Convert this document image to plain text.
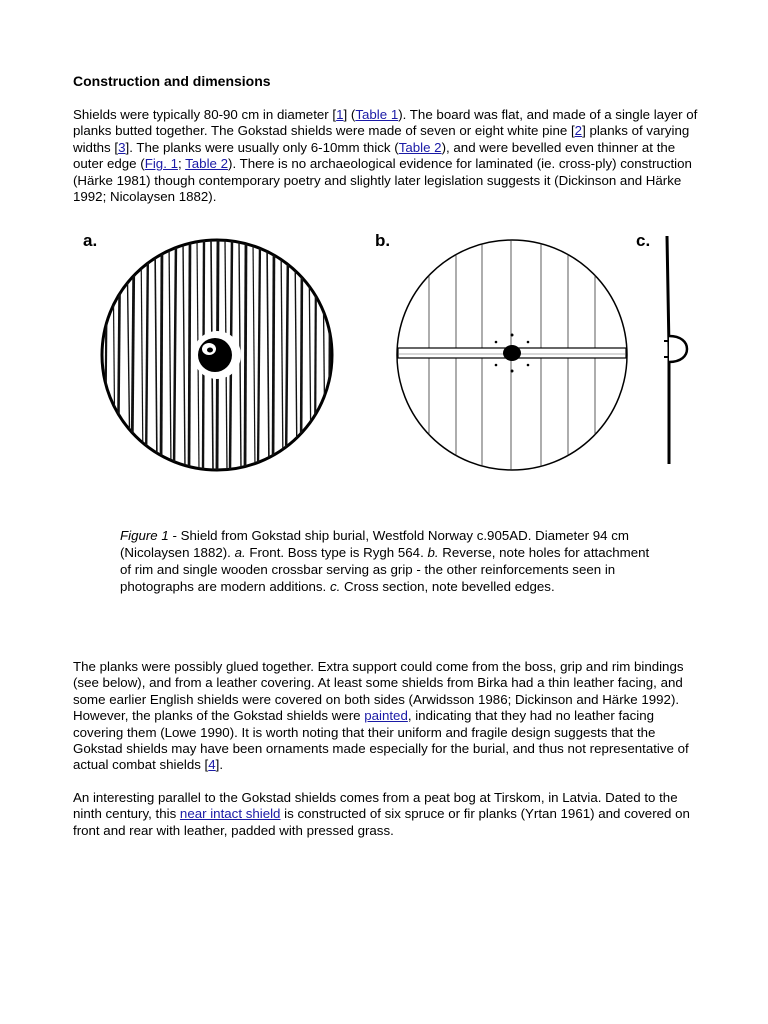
Construction and dimensions

Shields were typically 80-90 cm in diameter [1] (Table 1). The board was flat, and made of a single layer of planks butted together. The Gokstad shields were made of seven or eight white pine [2] planks of varying widths [3]. The planks were usually only 6-10mm thick (Table 2), and were bevelled even thinner at the outer edge (Fig. 1; Table 2). There is no archaeological evidence for laminated (ie. cross-ply) construction (Härke 1981) though contemporary poetry and slightly later legislation suggests it (Dickinson and Härke 1992; Nicolaysen 1882).

The planks were possibly glued together. Extra support could come from the boss, grip and rim bindings (see below), and from a leather covering. At least some shields from Birka had a thin leather facing, and some earlier English shields were covered on both sides (Arwidsson 1986; Dickinson and Härke 1992). However, the planks of the Gokstad shields were painted, indicating that they had no leather facing covering them (Lowe 1990). It is worth noting that their uniform and fragile design suggests that the Gokstad shields may have been ornaments made especially for the burial, and thus not representative of actual combat shields [4].

An interesting parallel to the Gokstad shields comes from a peat bog at Tirskom, in Latvia. Dated to the ninth century, this near intact shield is constructed of six spruce or fir planks (Yrtan 1961) and covered on front and rear with leather, padded with pressed grass.

a.	b.	c.

Figure 1 - Shield from Gokstad ship burial, Westfold Norway c.905AD. Diameter 94 cm (Nicolaysen 1882). a. Front. Boss type is Rygh 564. b. Reverse, note holes for attachment of rim and single wooden crossbar serving as grip - the other reinforcements seen in photographs are modern additions. c. Cross section, note bevelled edges.
